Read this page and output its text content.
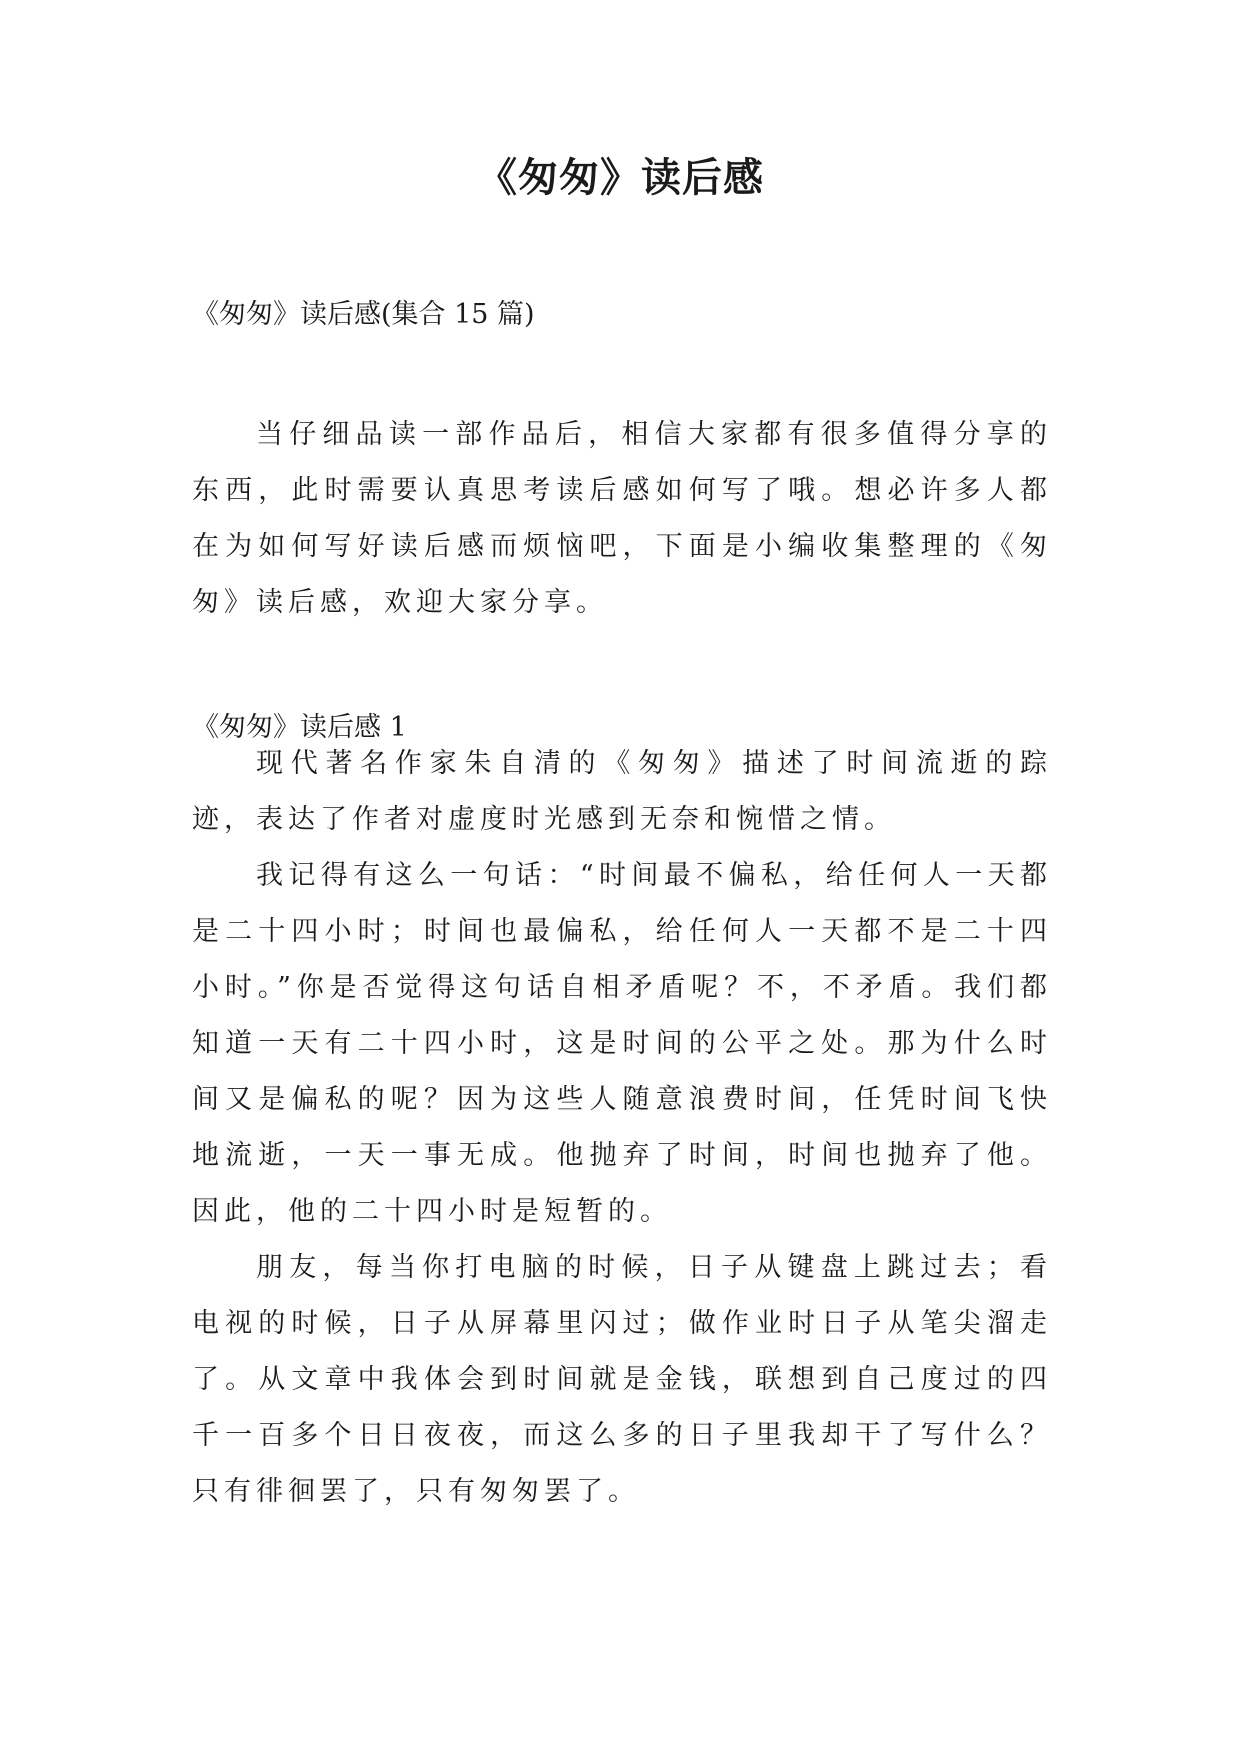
《匆匆》读后感
《匆匆》读后感(集合 15 篇)

当仔细品读一部作品后，相信大家都有很多值得分享的东西，此时需要认真思考读后感如何写了哦。想必许多人都在为如何写好读后感而烦恼吧，下面是小编收集整理的《匆匆》读后感，欢迎大家分享。

《匆匆》读后感 1

现代著名作家朱自清的《匆匆》描述了时间流逝的踪迹，表达了作者对虚度时光感到无奈和惋惜之情。

我记得有这么一句话：“时间最不偏私，给任何人一天都是二十四小时；时间也最偏私，给任何人一天都不是二十四小时。”你是否觉得这句话自相矛盾呢？不，不矛盾。我们都知道一天有二十四小时，这是时间的公平之处。那为什么时间又是偏私的呢？因为这些人随意浪费时间，任凭时间飞快地流逝，一天一事无成。他抛弃了时间，时间也抛弃了他。因此，他的二十四小时是短暂的。

朋友，每当你打电脑的时候，日子从键盘上跳过去；看电视的时候，日子从屏幕里闪过；做作业时日子从笔尖溜走了。从文章中我体会到时间就是金钱，联想到自己度过的四千一百多个日日夜夜，而这么多的日子里我却干了写什么？只有徘徊罢了，只有匆匆罢了。
